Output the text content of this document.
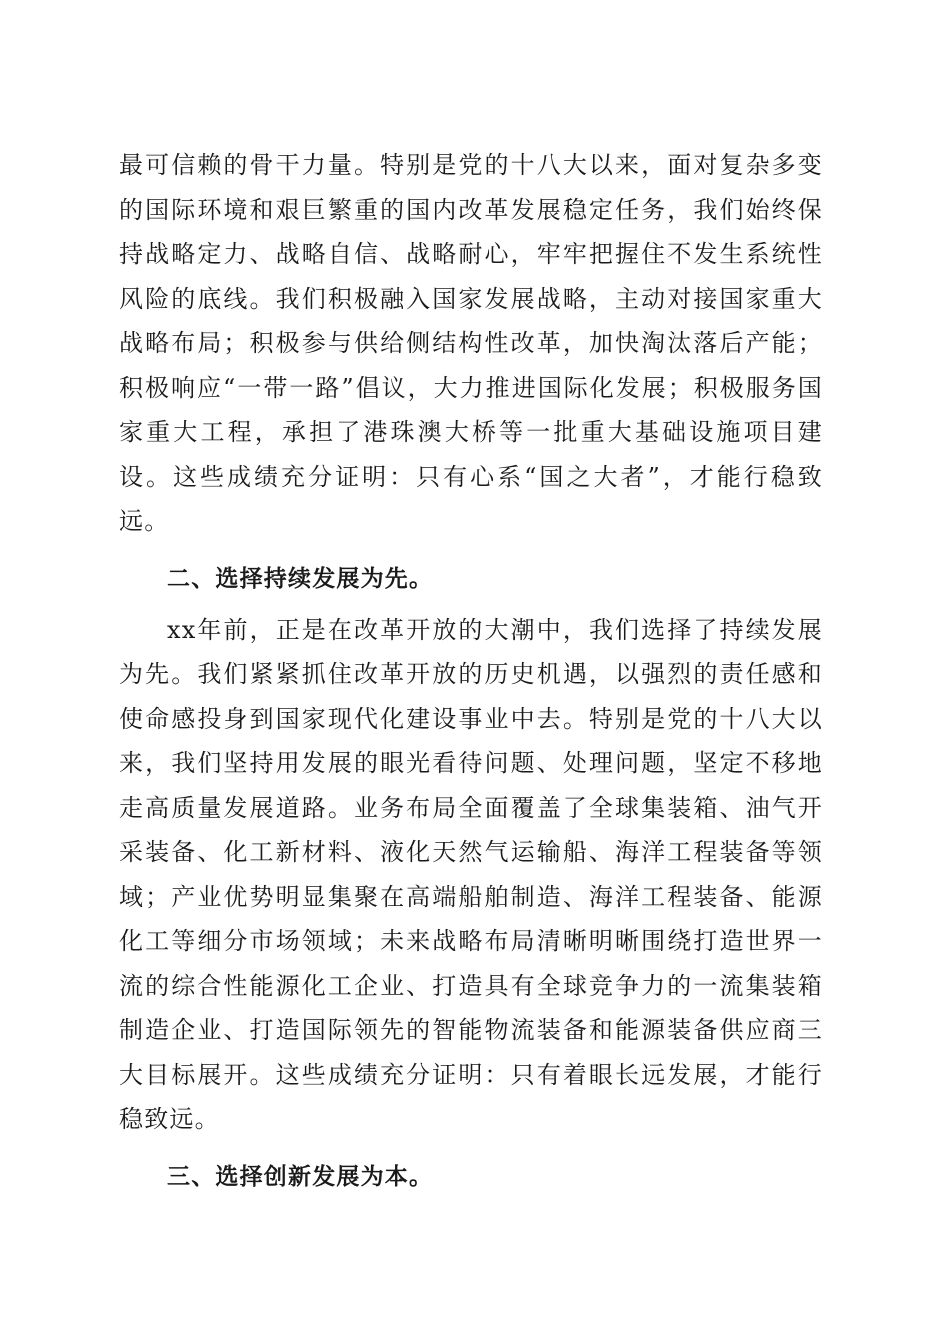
最可信赖的骨干力量。特别是党的十八大以来，面对复杂多变的国际环境和艰巨繁重的国内改革发展稳定任务，我们始终保持战略定力、战略自信、战略耐心，牢牢把握住不发生系统性风险的底线。我们积极融入国家发展战略，主动对接国家重大战略布局；积极参与供给侧结构性改革，加快淘汰落后产能；积极响应“一带一路”倡议，大力推进国际化发展；积极服务国家重大工程，承担了港珠澳大桥等一批重大基础设施项目建设。这些成绩充分证明：只有心系“国之大者”，才能行稳致远。

二、选择持续发展为先。

xx年前，正是在改革开放的大潮中，我们选择了持续发展为先。我们紧紧抓住改革开放的历史机遇，以强烈的责任感和使命感投身到国家现代化建设事业中去。特别是党的十八大以来，我们坚持用发展的眼光看待问题、处理问题，坚定不移地走高质量发展道路。业务布局全面覆盖了全球集装箱、油气开采装备、化工新材料、液化天然气运输船、海洋工程装备等领域；产业优势明显集聚在高端船舶制造、海洋工程装备、能源化工等细分市场领域；未来战略布局清晰明晰围绕打造世界一流的综合性能源化工企业、打造具有全球竞争力的一流集装箱制造企业、打造国际领先的智能物流装备和能源装备供应商三大目标展开。这些成绩充分证明：只有着眼长远发展，才能行稳致远。

三、选择创新发展为本。
